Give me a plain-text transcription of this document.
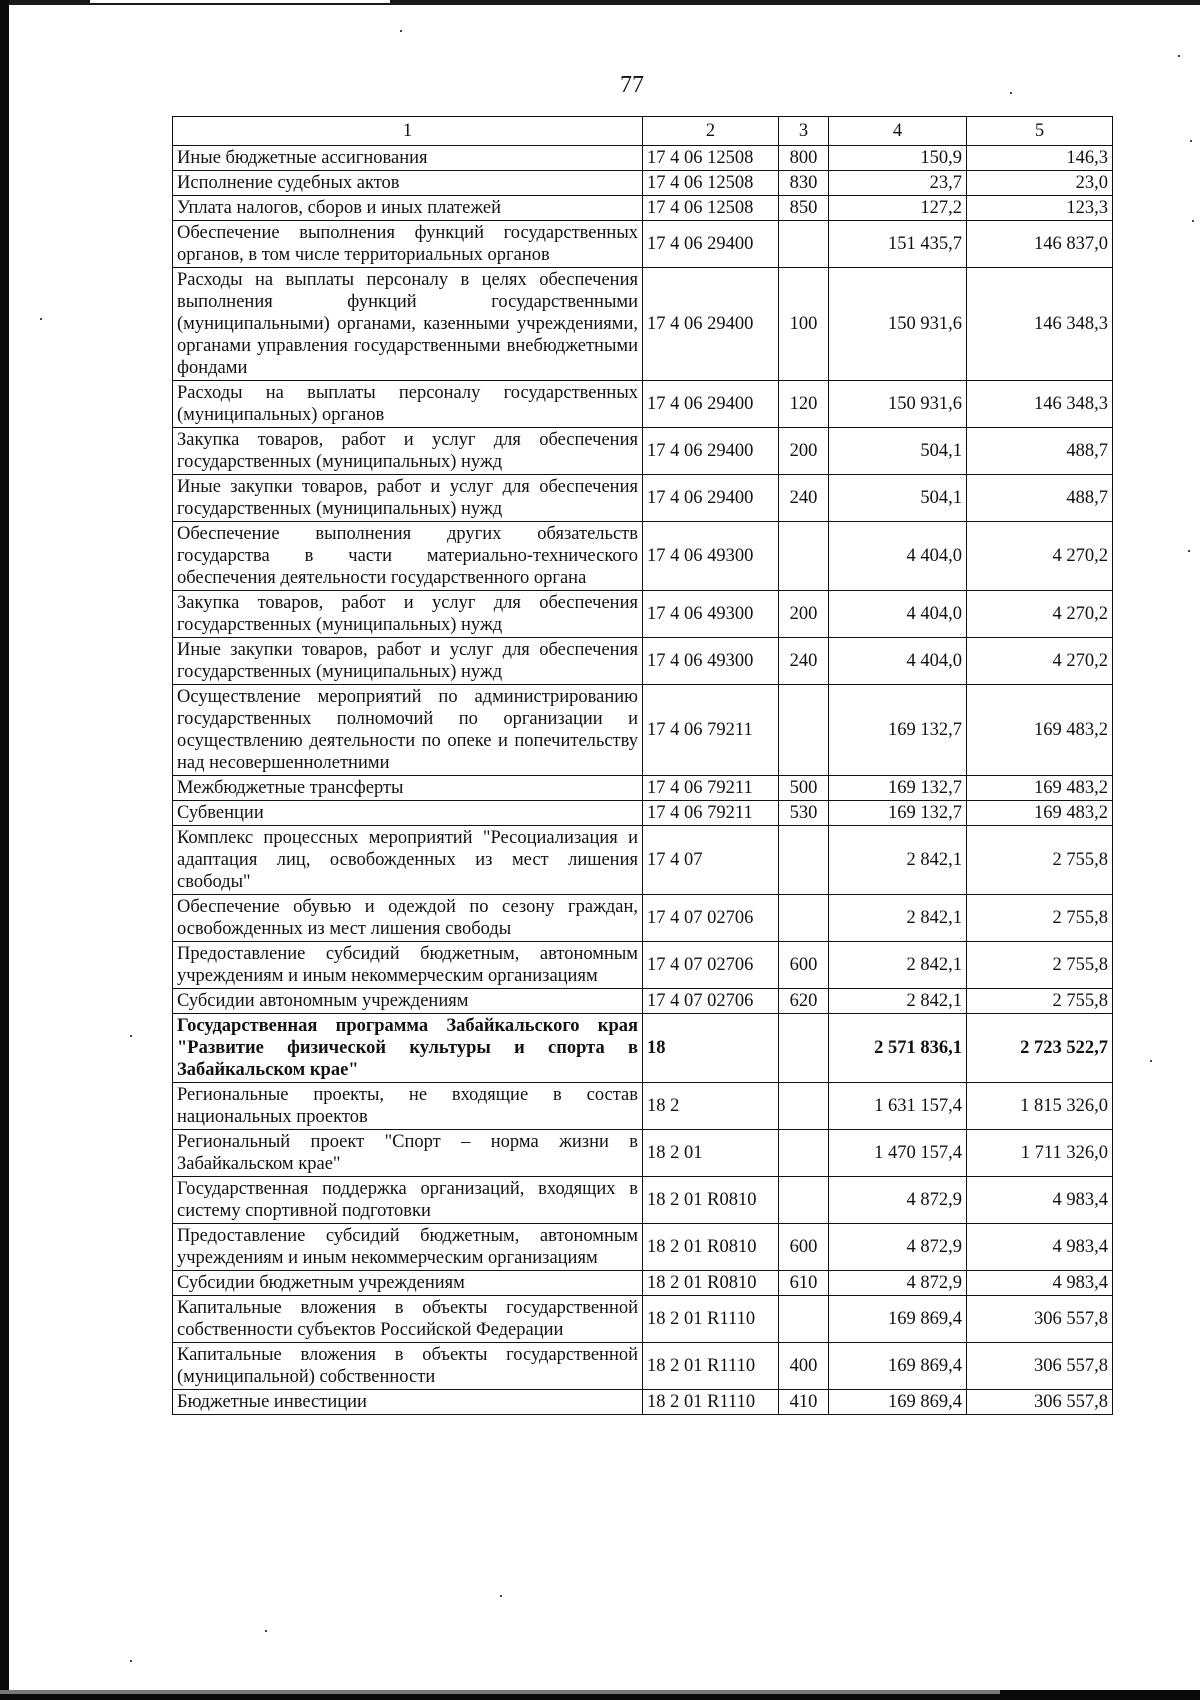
77
1	2	3	4	5
Иные бюджетные ассигнования	17 4 06 12508	800	150,9	146,3
Исполнение судебных актов	17 4 06 12508	830	23,7	23,0
Уплата налогов, сборов и иных платежей	17 4 06 12508	850	127,2	123,3
Обеспечение выполнения функций государственных органов, в том числе территориальных органов	17 4 06 29400		151 435,7	146 837,0
Расходы на выплаты персоналу в целях обеспечения выполнения функций государственными (муниципальными) органами, казенными учреждениями, органами управления государственными внебюджетными фондами	17 4 06 29400	100	150 931,6	146 348,3
Расходы на выплаты персоналу государственных (муниципальных) органов	17 4 06 29400	120	150 931,6	146 348,3
Закупка товаров, работ и услуг для обеспечения государственных (муниципальных) нужд	17 4 06 29400	200	504,1	488,7
Иные закупки товаров, работ и услуг для обеспечения государственных (муниципальных) нужд	17 4 06 29400	240	504,1	488,7
Обеспечение выполнения других обязательств государства в части материально-технического обеспечения деятельности государственного органа	17 4 06 49300		4 404,0	4 270,2
Закупка товаров, работ и услуг для обеспечения государственных (муниципальных) нужд	17 4 06 49300	200	4 404,0	4 270,2
Иные закупки товаров, работ и услуг для обеспечения государственных (муниципальных) нужд	17 4 06 49300	240	4 404,0	4 270,2
Осуществление мероприятий по администрированию государственных полномочий по организации и осуществлению деятельности по опеке и попечительству над несовершеннолетними	17 4 06 79211		169 132,7	169 483,2
Межбюджетные трансферты	17 4 06 79211	500	169 132,7	169 483,2
Субвенции	17 4 06 79211	530	169 132,7	169 483,2
Комплекс процессных мероприятий "Ресоциализация и адаптация лиц, освобожденных из мест лишения свободы"	17 4 07		2 842,1	2 755,8
Обеспечение обувью и одеждой по сезону граждан, освобожденных из мест лишения свободы	17 4 07 02706		2 842,1	2 755,8
Предоставление субсидий бюджетным, автономным учреждениям и иным некоммерческим организациям	17 4 07 02706	600	2 842,1	2 755,8
Субсидии автономным учреждениям	17 4 07 02706	620	2 842,1	2 755,8
Государственная программа Забайкальского края "Развитие физической культуры и спорта в Забайкальском крае"	18		2 571 836,1	2 723 522,7
Региональные проекты, не входящие в состав национальных проектов	18 2		1 631 157,4	1 815 326,0
Региональный проект "Спорт – норма жизни в Забайкальском крае"	18 2 01		1 470 157,4	1 711 326,0
Государственная поддержка организаций, входящих в систему спортивной подготовки	18 2 01 R0810		4 872,9	4 983,4
Предоставление субсидий бюджетным, автономным учреждениям и иным некоммерческим организациям	18 2 01 R0810	600	4 872,9	4 983,4
Субсидии бюджетным учреждениям	18 2 01 R0810	610	4 872,9	4 983,4
Капитальные вложения в объекты государственной собственности субъектов Российской Федерации	18 2 01 R1110		169 869,4	306 557,8
Капитальные вложения в объекты государственной (муниципальной) собственности	18 2 01 R1110	400	169 869,4	306 557,8
Бюджетные инвестиции	18 2 01 R1110	410	169 869,4	306 557,8
